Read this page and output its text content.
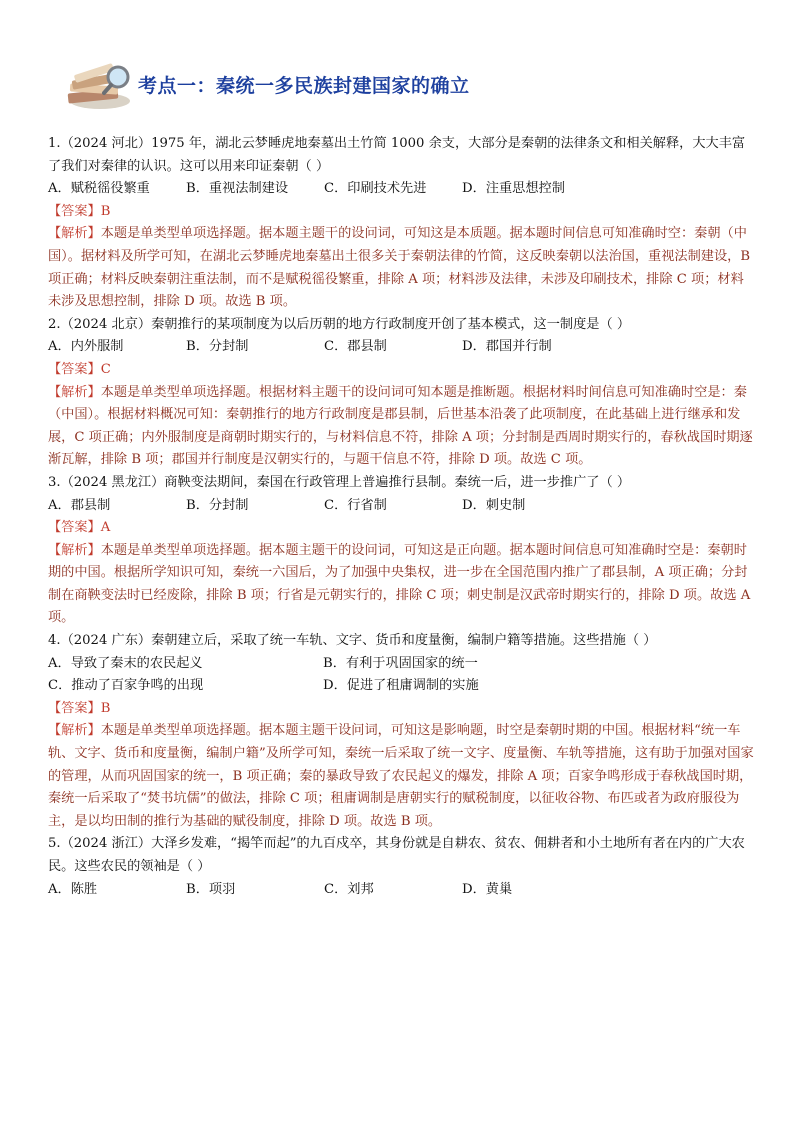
考点一：秦统一多民族封建国家的确立

1.（2024 河北）1975 年，湖北云梦睡虎地秦墓出土竹简 1000 余支，大部分是秦朝的法律条文和相关解释，大大丰富了我们对秦律的认识。这可以用来印证秦朝（ ）

A．赋税徭役繁重	B．重视法制建设	C．印刷技术先进	D．注重思想控制

【答案】B

【解析】本题是单类型单项选择题。据本题主题干的设问词，可知这是本质题。据本题时间信息可知准确时空：秦朝（中国）。据材料及所学可知，在湖北云梦睡虎地秦墓出土很多关于秦朝法律的竹简，这反映秦朝以法治国，重视法制建设，B 项正确；材料反映秦朝注重法制，而不是赋税徭役繁重，排除 A 项；材料涉及法律，未涉及印刷技术，排除 C 项；材料未涉及思想控制，排除 D 项。故选 B 项。

2.（2024 北京）秦朝推行的某项制度为以后历朝的地方行政制度开创了基本模式，这一制度是（ ）

A．内外服制	B．分封制	C．郡县制	D．郡国并行制

【答案】C

【解析】本题是单类型单项选择题。根据材料主题干的设问词可知本题是推断题。根据材料时间信息可知准确时空是：秦（中国）。根据材料概况可知：秦朝推行的地方行政制度是郡县制，后世基本沿袭了此项制度，在此基础上进行继承和发展，C 项正确；内外服制度是商朝时期实行的，与材料信息不符，排除 A 项；分封制是西周时期实行的，春秋战国时期逐渐瓦解，排除 B 项；郡国并行制度是汉朝实行的，与题干信息不符，排除 D 项。故选 C 项。

3.（2024 黑龙江）商鞅变法期间，秦国在行政管理上普遍推行县制。秦统一后，进一步推广了（ ）

A．郡县制	B．分封制	C．行省制	D．刺史制

【答案】A

【解析】本题是单类型单项选择题。据本题主题干的设问词，可知这是正向题。据本题时间信息可知准确时空是：秦朝时期的中国。根据所学知识可知，秦统一六国后，为了加强中央集权，进一步在全国范围内推广了郡县制，A 项正确；分封制在商鞅变法时已经废除，排除 B 项；行省是元朝实行的，排除 C 项；刺史制是汉武帝时期实行的，排除 D 项。故选 A 项。

4.（2024 广东）秦朝建立后，采取了统一车轨、文字、货币和度量衡，编制户籍等措施。这些措施（ ）

A．导致了秦末的农民起义	B．有利于巩固国家的统一
C．推动了百家争鸣的出现	D．促进了租庸调制的实施

【答案】B

【解析】本题是单类型单项选择题。据本题主题干设问词，可知这是影响题，时空是秦朝时期的中国。根据材料“统一车轨、文字、货币和度量衡，编制户籍”及所学可知，秦统一后采取了统一文字、度量衡、车轨等措施，这有助于加强对国家的管理，从而巩固国家的统一，B 项正确；秦的暴政导致了农民起义的爆发，排除 A 项；百家争鸣形成于春秋战国时期，秦统一后采取了“焚书坑儒”的做法，排除 C 项；租庸调制是唐朝实行的赋税制度，以征收谷物、布匹或者为政府服役为主，是以均田制的推行为基础的赋役制度，排除 D 项。故选 B 项。

5.（2024 浙江）大泽乡发难，“揭竿而起”的九百戍卒，其身份就是自耕农、贫农、佣耕者和小土地所有者在内的广大农民。这些农民的领袖是（ ）

A．陈胜	B．项羽	C．刘邦	D．黄巢
